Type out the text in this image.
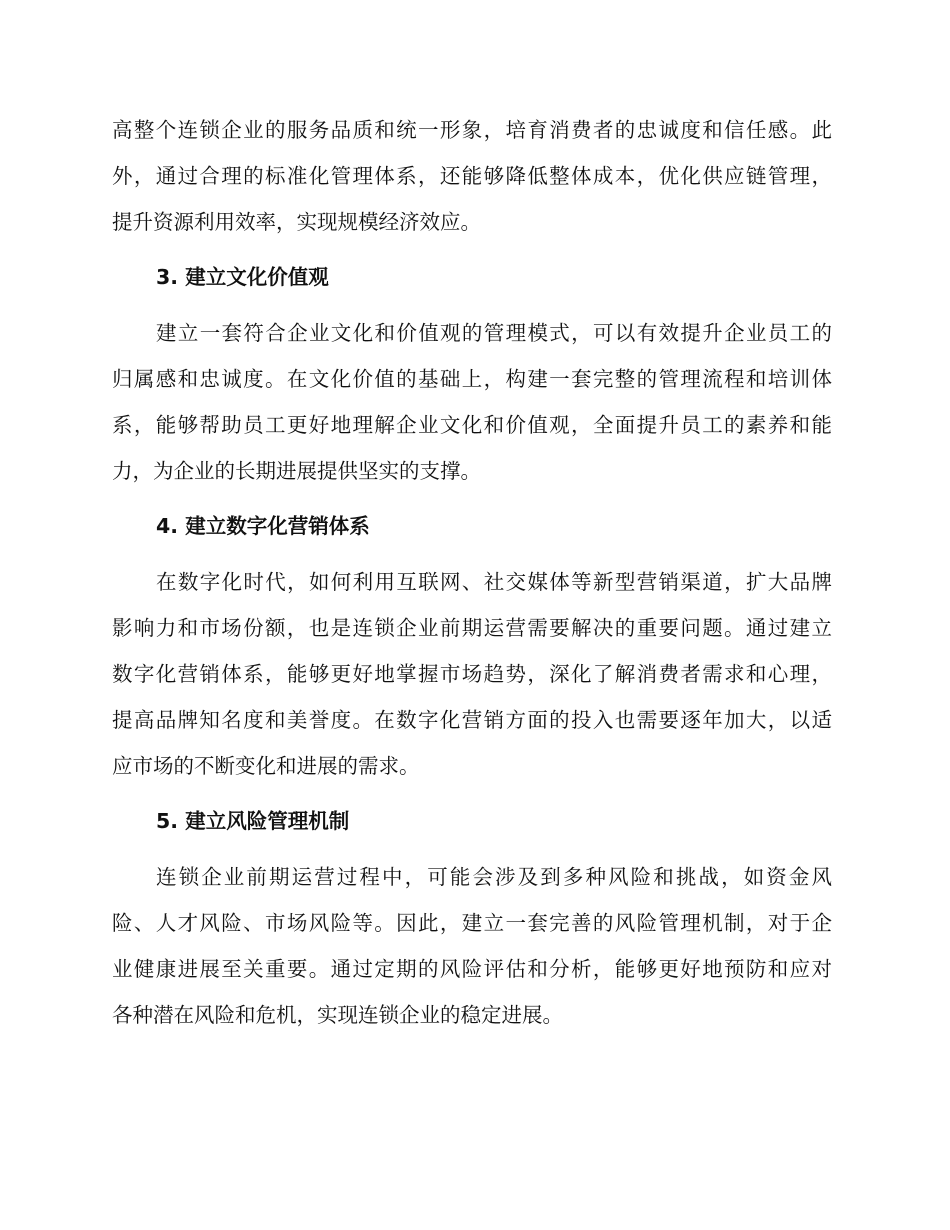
高整个连锁企业的服务品质和统一形象，培育消费者的忠诚度和信任感。此
外，通过合理的标准化管理体系，还能够降低整体成本，优化供应链管理，
提升资源利用效率，实现规模经济效应。
3. 建立文化价值观
建立一套符合企业文化和价值观的管理模式，可以有效提升企业员工的
归属感和忠诚度。在文化价值的基础上，构建一套完整的管理流程和培训体
系，能够帮助员工更好地理解企业文化和价值观，全面提升员工的素养和能
力，为企业的长期进展提供坚实的支撑。
4. 建立数字化营销体系
在数字化时代，如何利用互联网、社交媒体等新型营销渠道，扩大品牌
影响力和市场份额，也是连锁企业前期运营需要解决的重要问题。通过建立
数字化营销体系，能够更好地掌握市场趋势，深化了解消费者需求和心理，
提高品牌知名度和美誉度。在数字化营销方面的投入也需要逐年加大，以适
应市场的不断变化和进展的需求。
5. 建立风险管理机制
连锁企业前期运营过程中，可能会涉及到多种风险和挑战，如资金风
险、人才风险、市场风险等。因此，建立一套完善的风险管理机制，对于企
业健康进展至关重要。通过定期的风险评估和分析，能够更好地预防和应对
各种潜在风险和危机，实现连锁企业的稳定进展。
